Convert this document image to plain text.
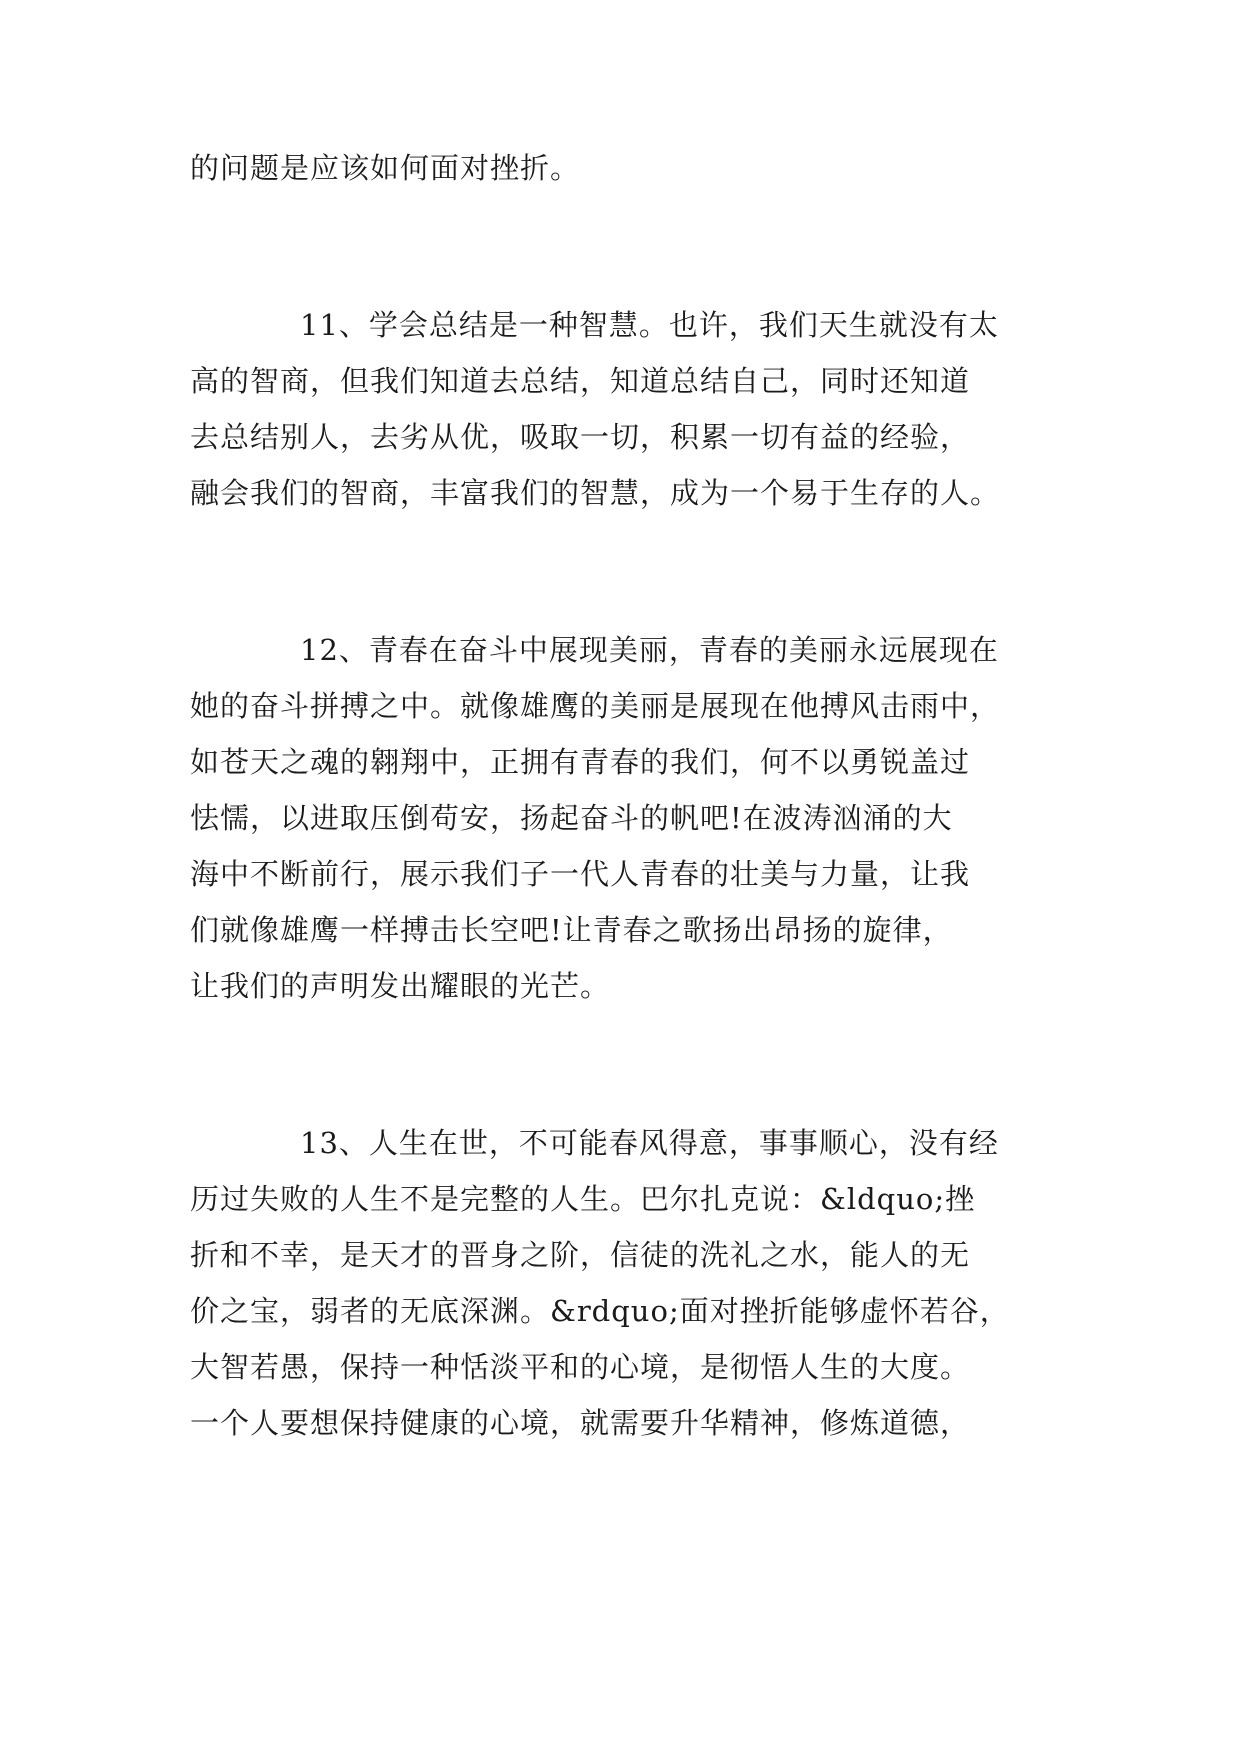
的问题是应该如何面对挫折。
11、学会总结是一种智慧。也许，我们天生就没有太
高的智商，但我们知道去总结，知道总结自己，同时还知道
去总结别人，去劣从优，吸取一切，积累一切有益的经验，
融会我们的智商，丰富我们的智慧，成为一个易于生存的人。
12、青春在奋斗中展现美丽，青春的美丽永远展现在
她的奋斗拼搏之中。就像雄鹰的美丽是展现在他搏风击雨中，
如苍天之魂的翱翔中，正拥有青春的我们，何不以勇锐盖过
怯懦，以进取压倒苟安，扬起奋斗的帆吧!在波涛汹涌的大
海中不断前行，展示我们子一代人青春的壮美与力量，让我
们就像雄鹰一样搏击长空吧!让青春之歌扬出昂扬的旋律，
让我们的声明发出耀眼的光芒。
13、人生在世，不可能春风得意，事事顺心，没有经
历过失败的人生不是完整的人生。巴尔扎克说：&ldquo;挫
折和不幸，是天才的晋身之阶，信徒的洗礼之水，能人的无
价之宝，弱者的无底深渊。&rdquo;面对挫折能够虚怀若谷，
大智若愚，保持一种恬淡平和的心境，是彻悟人生的大度。
一个人要想保持健康的心境，就需要升华精神，修炼道德，
